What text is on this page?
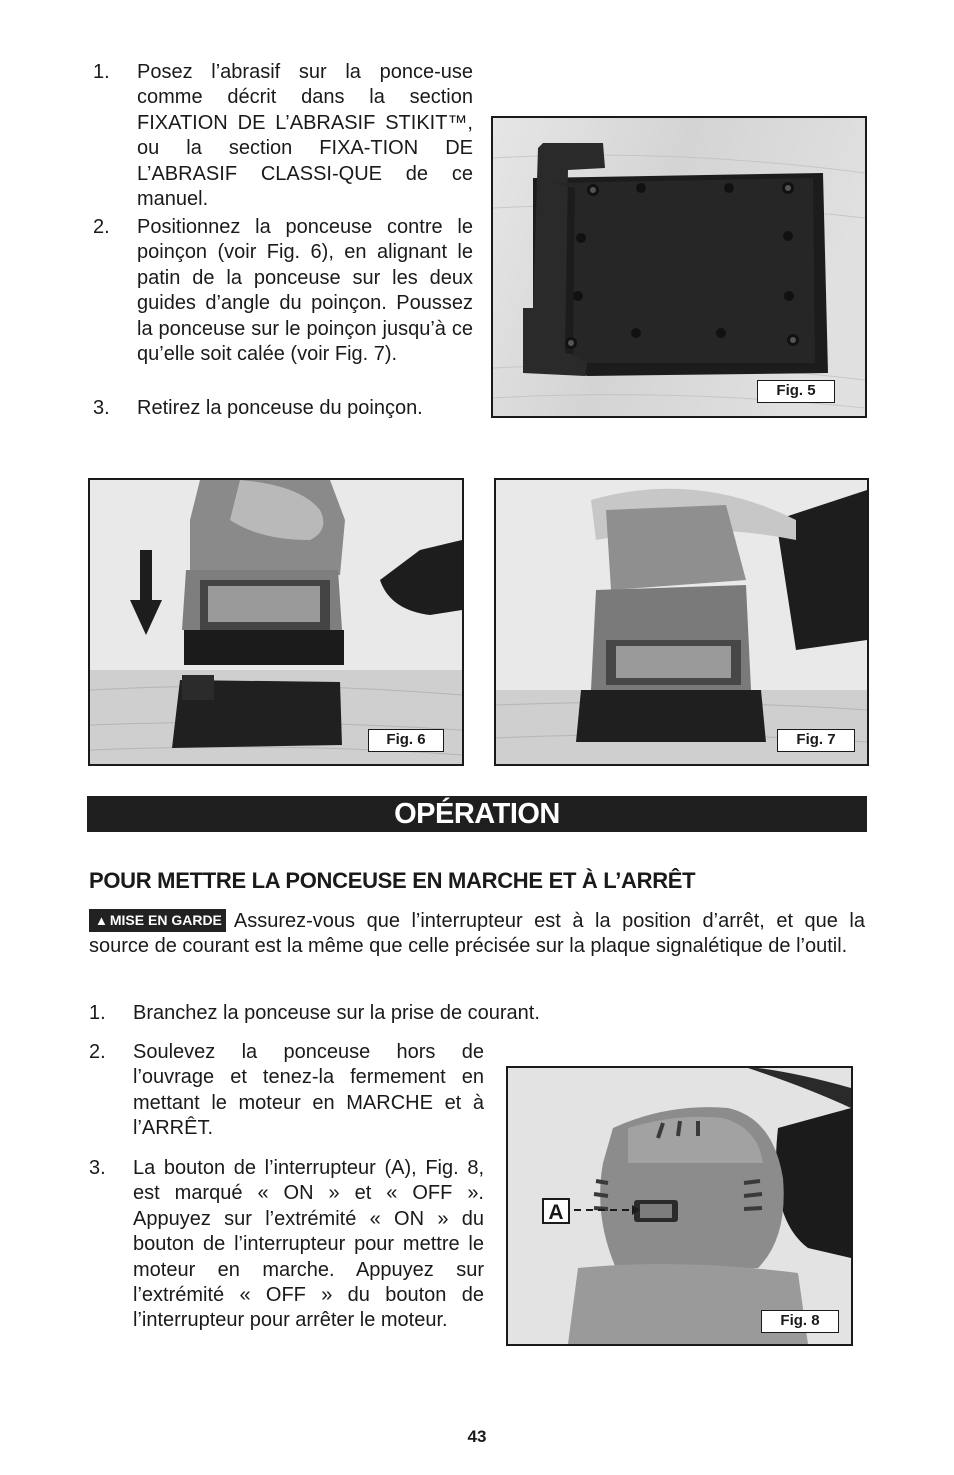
1. Posez l’abrasif sur la ponce-use comme décrit dans la section FIXATION DE L’ABRASIF STIKIT™, ou la section FIXA-TION DE L’ABRASIF CLASSI-QUE de ce manuel.
2. Positionnez la ponceuse contre le poinçon (voir Fig. 6), en alignant le patin de la ponceuse sur les deux guides d’angle du poinçon. Poussez la ponceuse sur le poinçon jusqu’à ce qu’elle soit calée (voir Fig. 7).
3. Retirez la ponceuse du poinçon.
Fig. 5
Fig. 6	Fig. 7
OPÉRATION
POUR METTRE LA PONCEUSE EN MARCHE ET À L’ARRÊT
▲ MISE EN GARDE Assurez-vous que l’interrupteur est à la position d’arrêt, et que la source de courant est la même que celle précisée sur la plaque signalétique de l’outil.
1. Branchez la ponceuse sur la prise de courant.
2. Soulevez la ponceuse hors de l’ouvrage et tenez-la fermement en mettant le moteur en MARCHE et à l’ARRÊT.
3. La bouton de l’interrupteur (A), Fig. 8, est marqué « ON » et « OFF ». Appuyez sur l’extrémité « ON » du bouton de l’interrupteur pour mettre le moteur en marche. Appuyez sur l’extrémité « OFF » du bouton de l’interrupteur pour arrêter le moteur.
A
Fig. 8
43
